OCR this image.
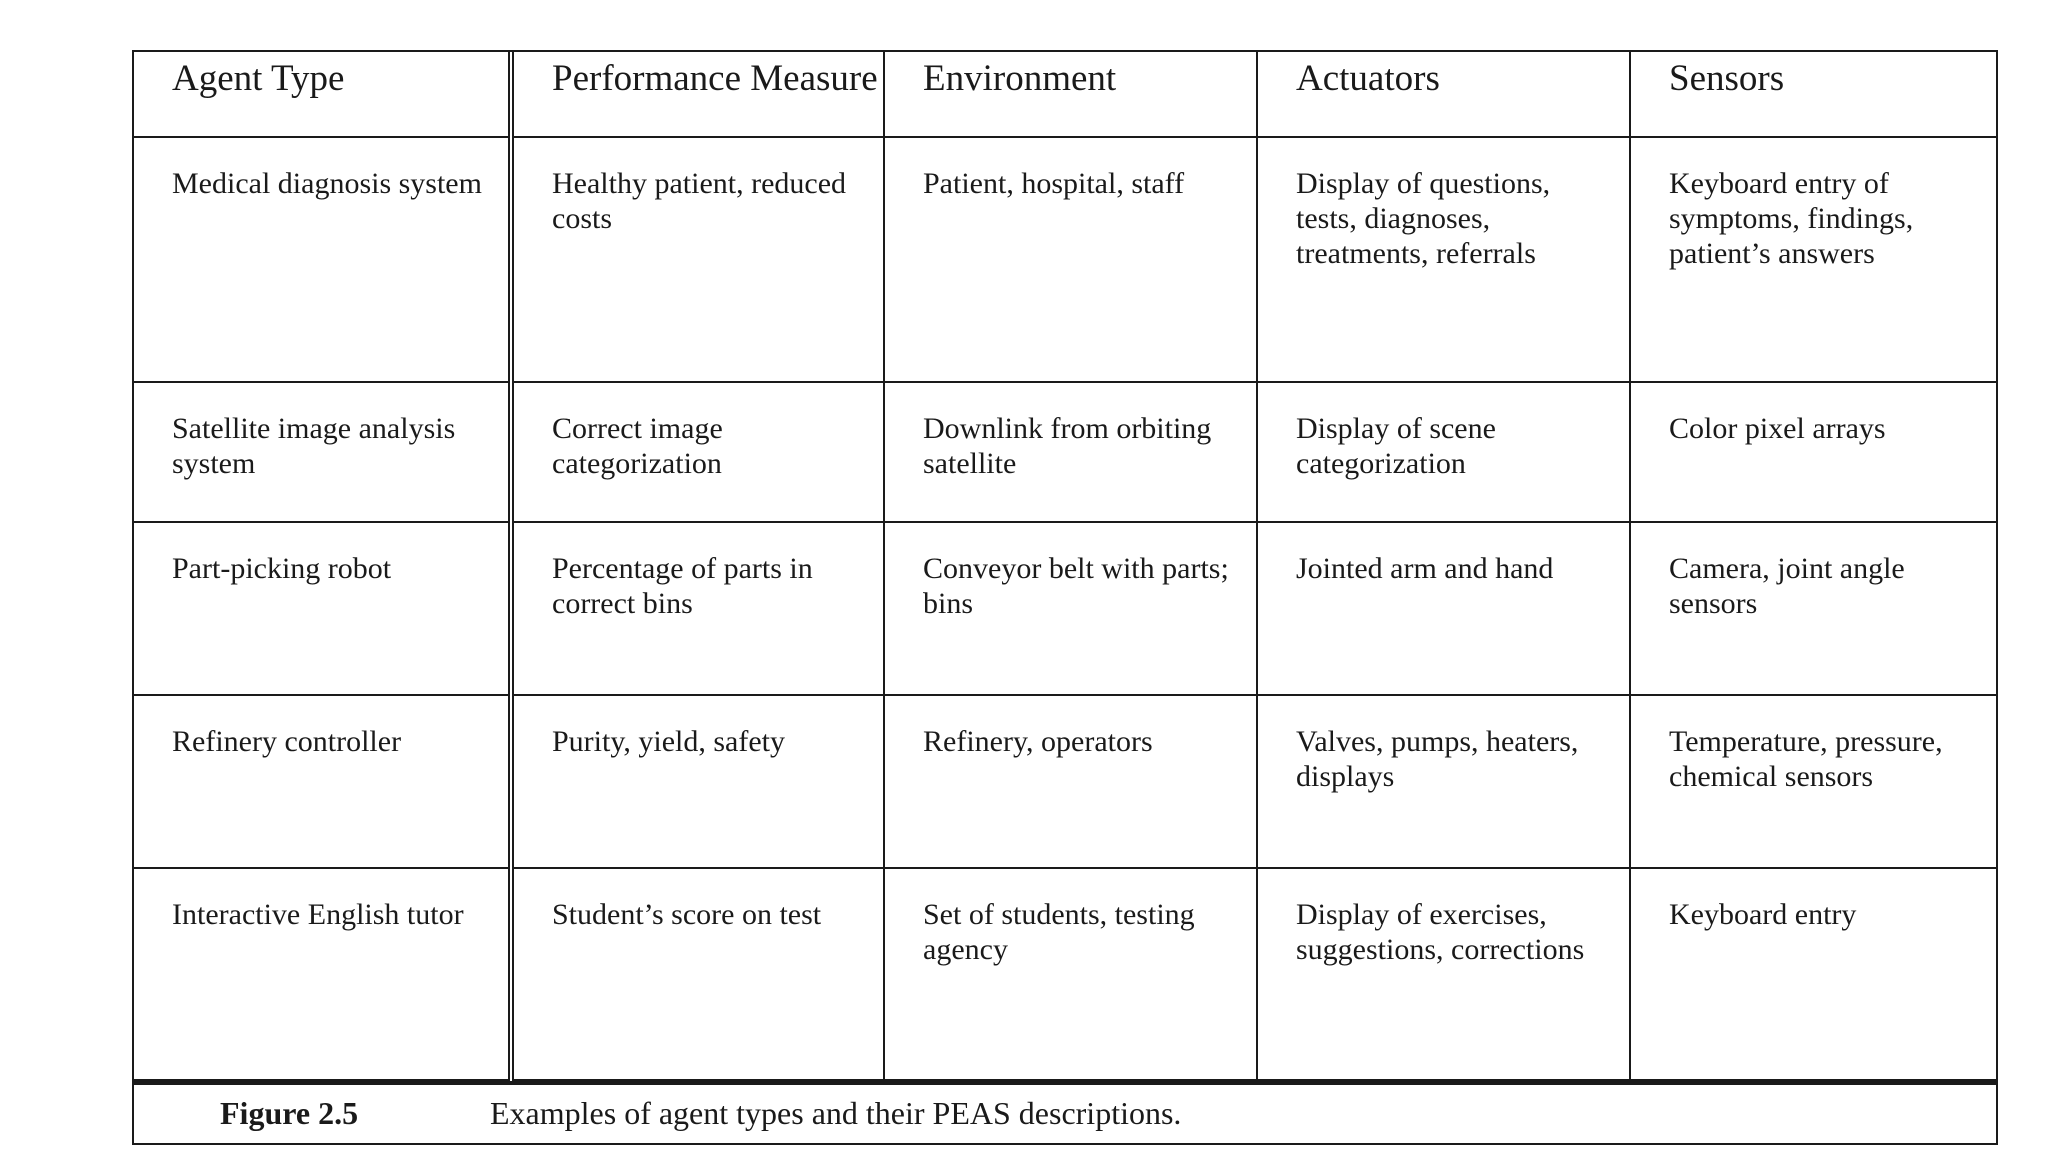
Agent Type	Performance Measure	Environment	Actuators	Sensors
Medical diagnosis system	Healthy patient, reduced costs	Patient, hospital, staff	Display of questions, tests, diagnoses, treatments, referrals	Keyboard entry of symptoms, findings, patient’s answers
Satellite image analysis system	Correct image categorization	Downlink from orbiting satellite	Display of scene categorization	Color pixel arrays
Part-picking robot	Percentage of parts in correct bins	Conveyor belt with parts; bins	Jointed arm and hand	Camera, joint angle sensors
Refinery controller	Purity, yield, safety	Refinery, operators	Valves, pumps, heaters, displays	Temperature, pressure, chemical sensors
Interactive English tutor	Student’s score on test	Set of students, testing agency	Display of exercises, suggestions, corrections	Keyboard entry
Figure 2.5	Examples of agent types and their PEAS descriptions.
